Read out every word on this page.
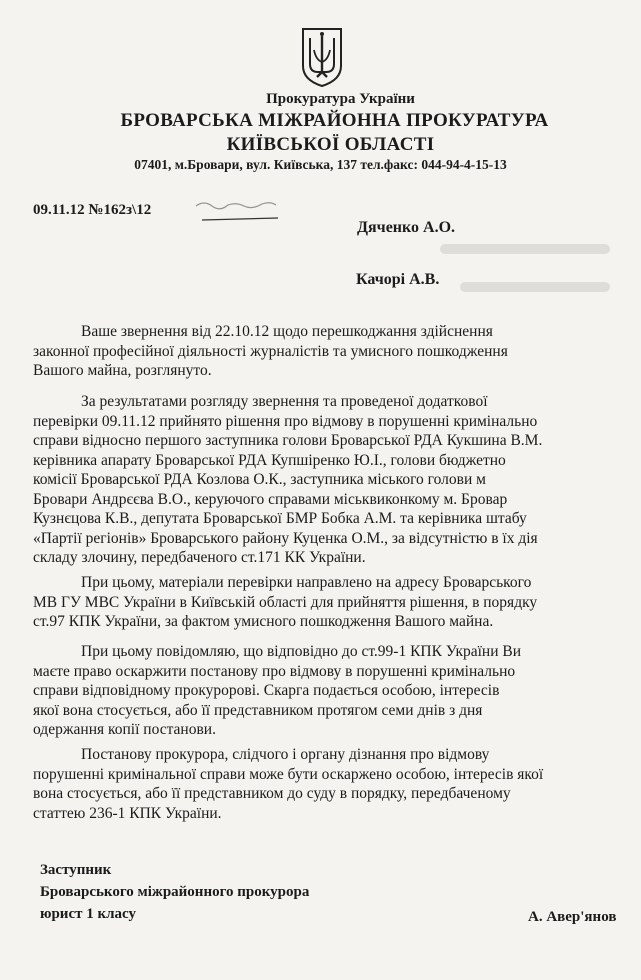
Прокуратура України
БРОВАРСЬКА МІЖРАЙОННА ПРОКУРАТУРА
КИЇВСЬКОЇ ОБЛАСТІ
07401, м.Бровари, вул. Київська, 137 тел.факс: 044-94-4-15-13
09.11.12 №162з\12
Дяченко А.О.
Качорі А.В.

Ваше звернення від 22.10.12 щодо перешкоджання здійснення

законної професійної діяльності журналістів та умисного пошкодження

Вашого майна, розглянуто.

За результатами розгляду звернення та проведеної додаткової

перевірки 09.11.12 прийнято рішення про відмову в порушенні кримінально

справи відносно першого заступника голови Броварської РДА Кукшина В.М.

керівника апарату Броварської РДА Купшіренко Ю.І., голови бюджетно

комісії Броварської РДА Козлова О.К., заступника міського голови м

Бровари Андрєєва В.О., керуючого справами міськвиконкому м. Бровар

Кузнєцова К.В., депутата Броварської БМР Бобка А.М. та керівника штабу

«Партії регіонів» Броварського району Куценка О.М., за відсутністю в їх дія

складу злочину, передбаченого ст.171 КК України.

При цьому, матеріали перевірки направлено на адресу Броварського

МВ ГУ МВС України в Київській області для прийняття рішення, в порядку

ст.97 КПК України, за фактом умисного пошкодження Вашого майна.

При цьому повідомляю, що відповідно до ст.99-1 КПК України Ви

маєте право оскаржити постанову про відмову в порушенні кримінально

справи відповідному прокуророві. Скарга подається особою, інтересів

якої вона стосується, або її представником протягом семи днів з дня

одержання копії постанови.

Постанову прокурора, слідчого і органу дізнання про відмову

порушенні кримінальної справи може бути оскаржено особою, інтересів якої

вона стосується, або її представником до суду в порядку, передбаченому

статтею 236-1 КПК України.

Заступник
Броварського міжрайонного прокурора
юрист 1 класу	А. Авер'янов
